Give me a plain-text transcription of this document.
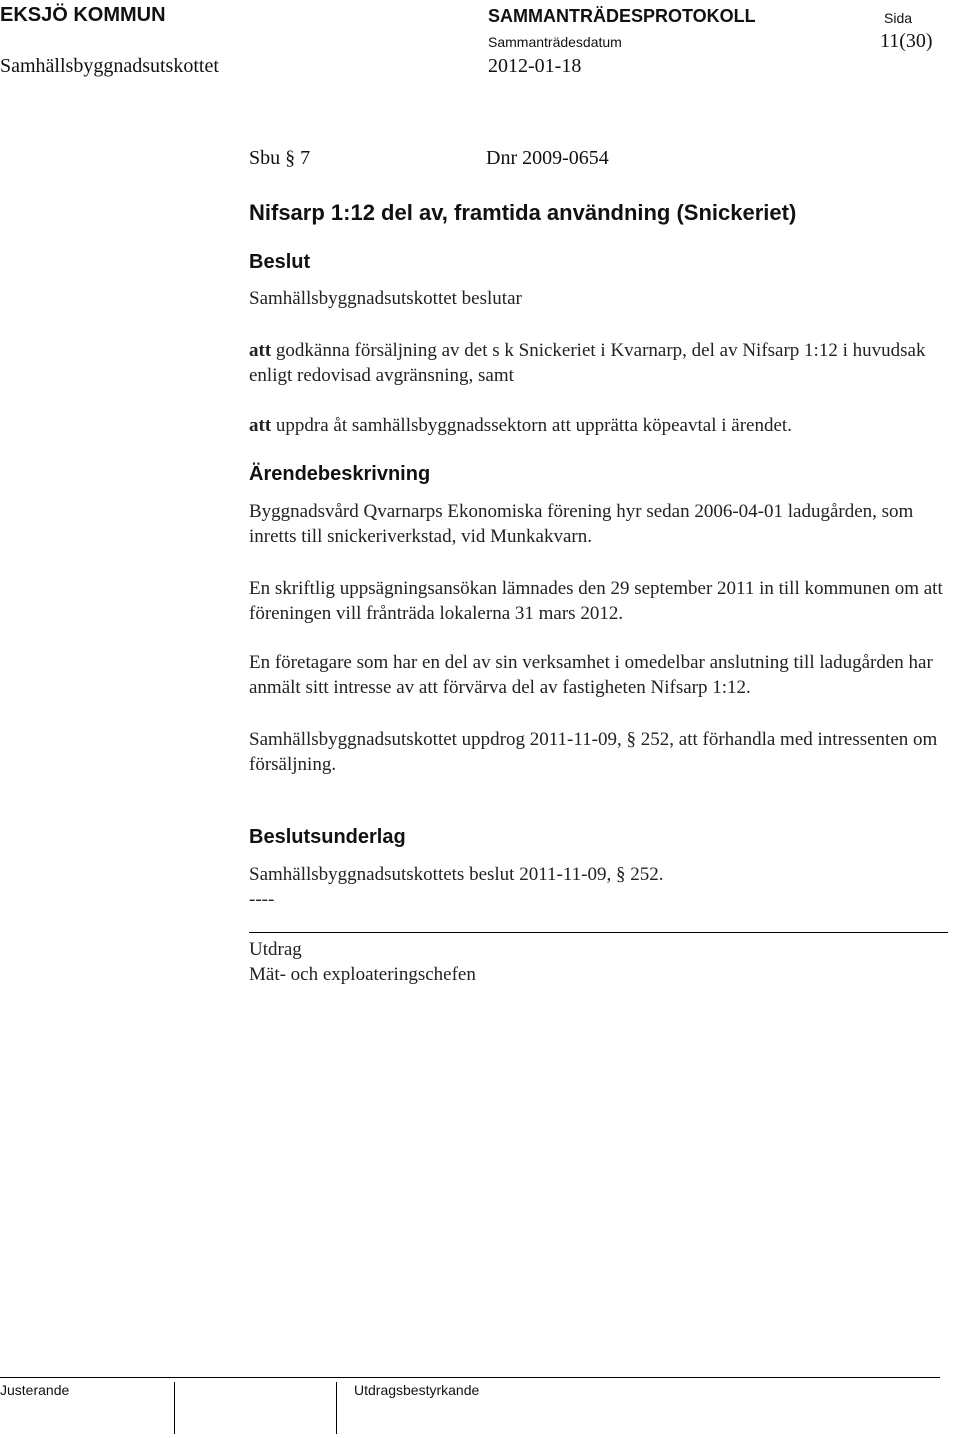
EKSJÖ KOMMUN	SAMMANTRÄDESPROTOKOLL	Sida
Sammanträdesdatum	11(30)
Samhällsbyggnadsutskottet	2012-01-18
Sbu § 7	Dnr 2009-0654
Nifsarp 1:12 del av, framtida användning (Snickeriet)
Beslut

Samhällsbyggnadsutskottet beslutar

att godkänna försäljning av det s k Snickeriet i Kvarnarp, del av Nifsarp 1:12 i huvudsak enligt redovisad avgränsning, samt

att uppdra åt samhällsbyggnadssektorn att upprätta köpeavtal i ärendet.

Ärendebeskrivning

Byggnadsvård Qvarnarps Ekonomiska förening hyr sedan 2006-04-01 ladugården, som inretts till snickeriverkstad, vid Munkakvarn.

En skriftlig uppsägningsansökan lämnades den 29 september 2011 in till kommunen om att föreningen vill frånträda lokalerna 31 mars 2012.

En företagare som har en del av sin verksamhet i omedelbar anslutning till ladugården har anmält sitt intresse av att förvärva del av fastigheten Nifsarp 1:12.

Samhällsbyggnadsutskottet uppdrog 2011-11-09, § 252, att förhandla med intressenten om försäljning.

Beslutsunderlag

Samhällsbyggnadsutskottets beslut 2011-11-09, § 252.

----

Utdrag

Mät- och exploateringschefen

Justerande	Utdragsbestyrkande
